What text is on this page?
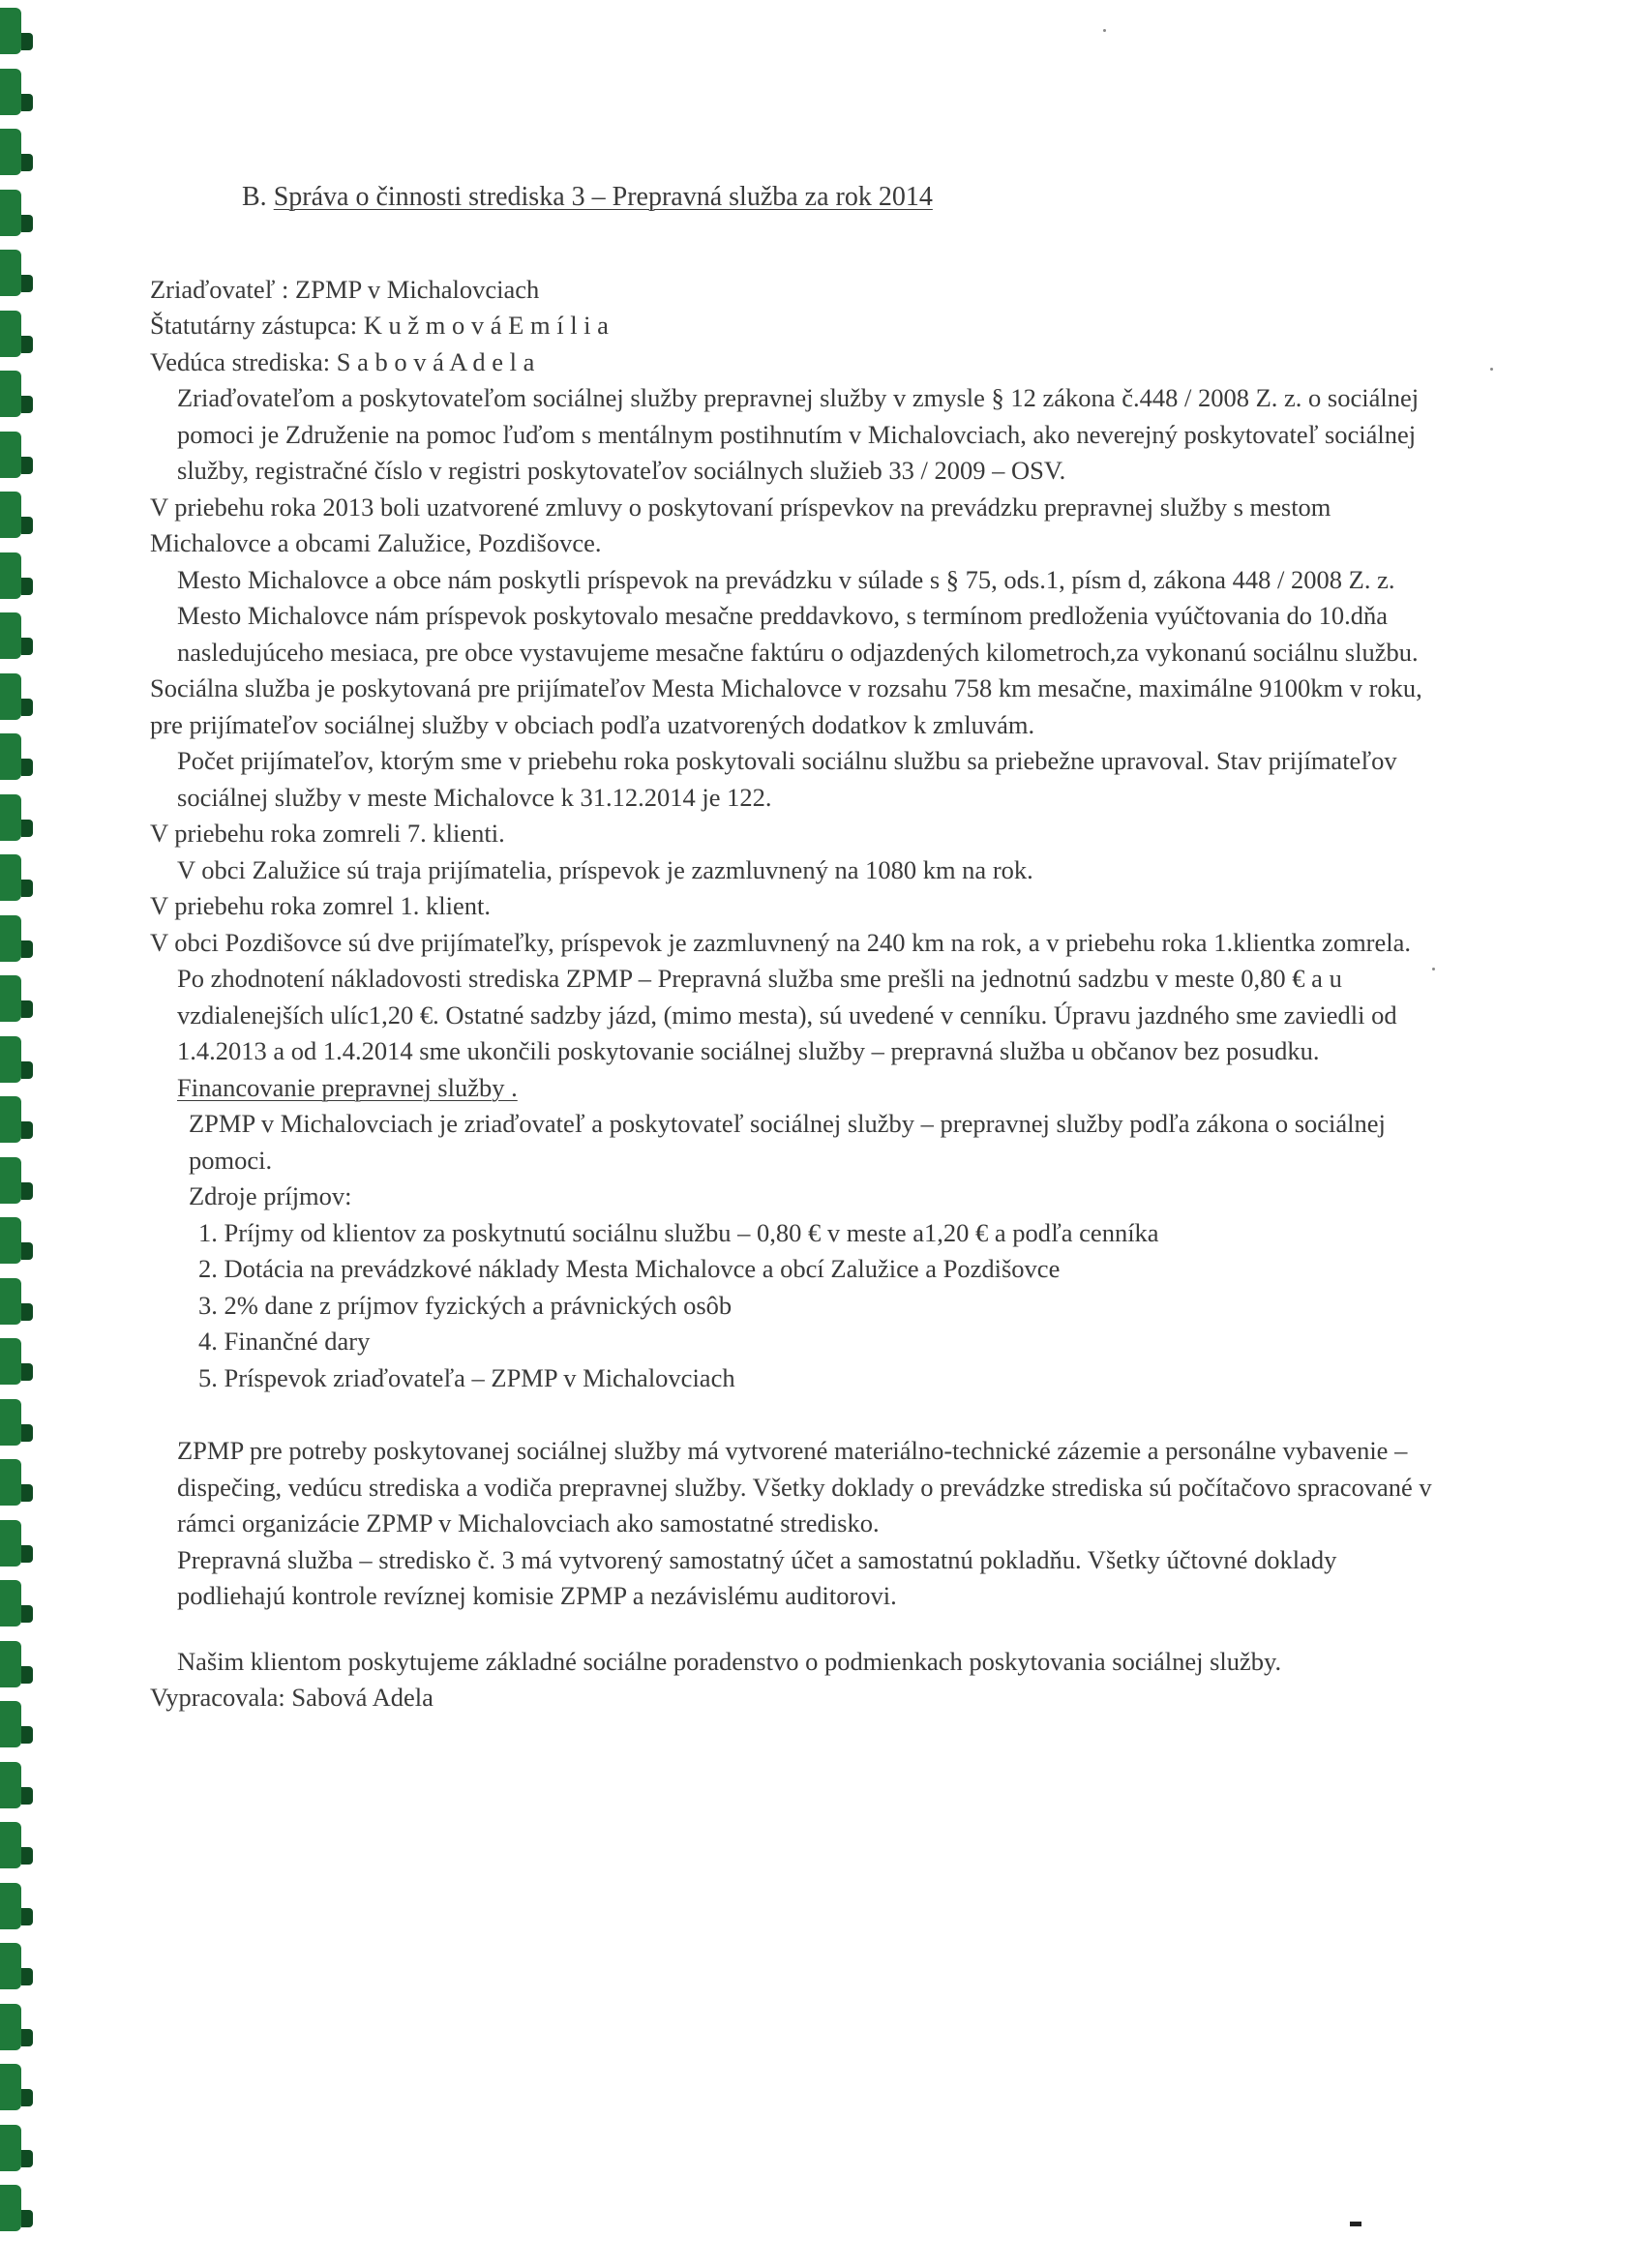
B. Správa o činnosti strediska 3 – Prepravná služba za rok 2014

Zriaďovateľ : ZPMP v Michalovciach

Štatutárny zástupca: K u ž m o v á E m í l i a

Vedúca strediska: S a b o v á A d e l a

Zriaďovateľom a poskytovateľom sociálnej služby prepravnej služby v zmysle § 12 zákona č.448 / 2008 Z. z. o sociálnej pomoci je Združenie na pomoc ľuďom s mentálnym postihnutím v Michalovciach, ako neverejný poskytovateľ sociálnej služby, registračné číslo v registri poskytovateľov sociálnych služieb 33 / 2009 – OSV.

V priebehu roka 2013 boli uzatvorené zmluvy o poskytovaní príspevkov na prevádzku prepravnej služby s mestom Michalovce a obcami Zalužice, Pozdišovce.

Mesto Michalovce a obce nám poskytli príspevok na prevádzku v súlade s § 75, ods.1, písm d, zákona 448 / 2008 Z. z.

Mesto Michalovce nám príspevok poskytovalo mesačne preddavkovo, s termínom predloženia vyúčtovania do 10.dňa nasledujúceho mesiaca, pre obce vystavujeme mesačne faktúru o odjazdených kilometroch,za vykonanú sociálnu službu.

Sociálna služba je poskytovaná pre prijímateľov Mesta Michalovce v rozsahu 758 km mesačne, maximálne 9100km v roku, pre prijímateľov sociálnej služby v obciach podľa uzatvorených dodatkov k zmluvám.

Počet prijímateľov, ktorým sme v priebehu roka poskytovali sociálnu službu sa priebežne upravoval. Stav prijímateľov sociálnej služby v meste Michalovce k 31.12.2014 je 122.

V priebehu roka zomreli 7. klienti.

V obci Zalužice sú traja prijímatelia, príspevok je zazmluvnený na 1080 km na rok.

V priebehu roka zomrel 1. klient.

V obci Pozdišovce sú dve prijímateľky, príspevok je zazmluvnený na 240 km na rok, a v priebehu roka 1.klientka zomrela.

Po zhodnotení nákladovosti strediska ZPMP – Prepravná služba sme prešli na jednotnú sadzbu v meste 0,80 € a u vzdialenejších ulíc1,20 €. Ostatné sadzby jázd, (mimo mesta), sú uvedené v cenníku. Úpravu jazdného sme zaviedli od 1.4.2013 a od 1.4.2014 sme ukončili poskytovanie sociálnej služby – prepravná služba u občanov bez posudku.

Financovanie prepravnej služby .

ZPMP v Michalovciach je zriaďovateľ a poskytovateľ sociálnej služby – prepravnej služby podľa zákona o sociálnej pomoci.

Zdroje príjmov:

1. Príjmy od klientov za poskytnutú sociálnu službu – 0,80 € v meste a1,20 € a podľa cenníka
2. Dotácia na prevádzkové náklady Mesta Michalovce a obcí Zalužice a Pozdišovce
3. 2% dane z príjmov fyzických a právnických osôb
4. Finančné dary
5. Príspevok zriaďovateľa – ZPMP v Michalovciach

ZPMP pre potreby poskytovanej sociálnej služby má vytvorené materiálno-technické zázemie a personálne vybavenie – dispečing, vedúcu strediska a vodiča prepravnej služby. Všetky doklady o prevádzke strediska sú počítačovo spracované v rámci organizácie ZPMP v Michalovciach ako samostatné stredisko.

Prepravná služba – stredisko č. 3 má vytvorený samostatný účet a samostatnú pokladňu. Všetky účtovné doklady podliehajú kontrole revíznej komisie ZPMP a nezávislému auditorovi.

Našim klientom poskytujeme základné sociálne poradenstvo o podmienkach poskytovania sociálnej služby.

Vypracovala: Sabová Adela
